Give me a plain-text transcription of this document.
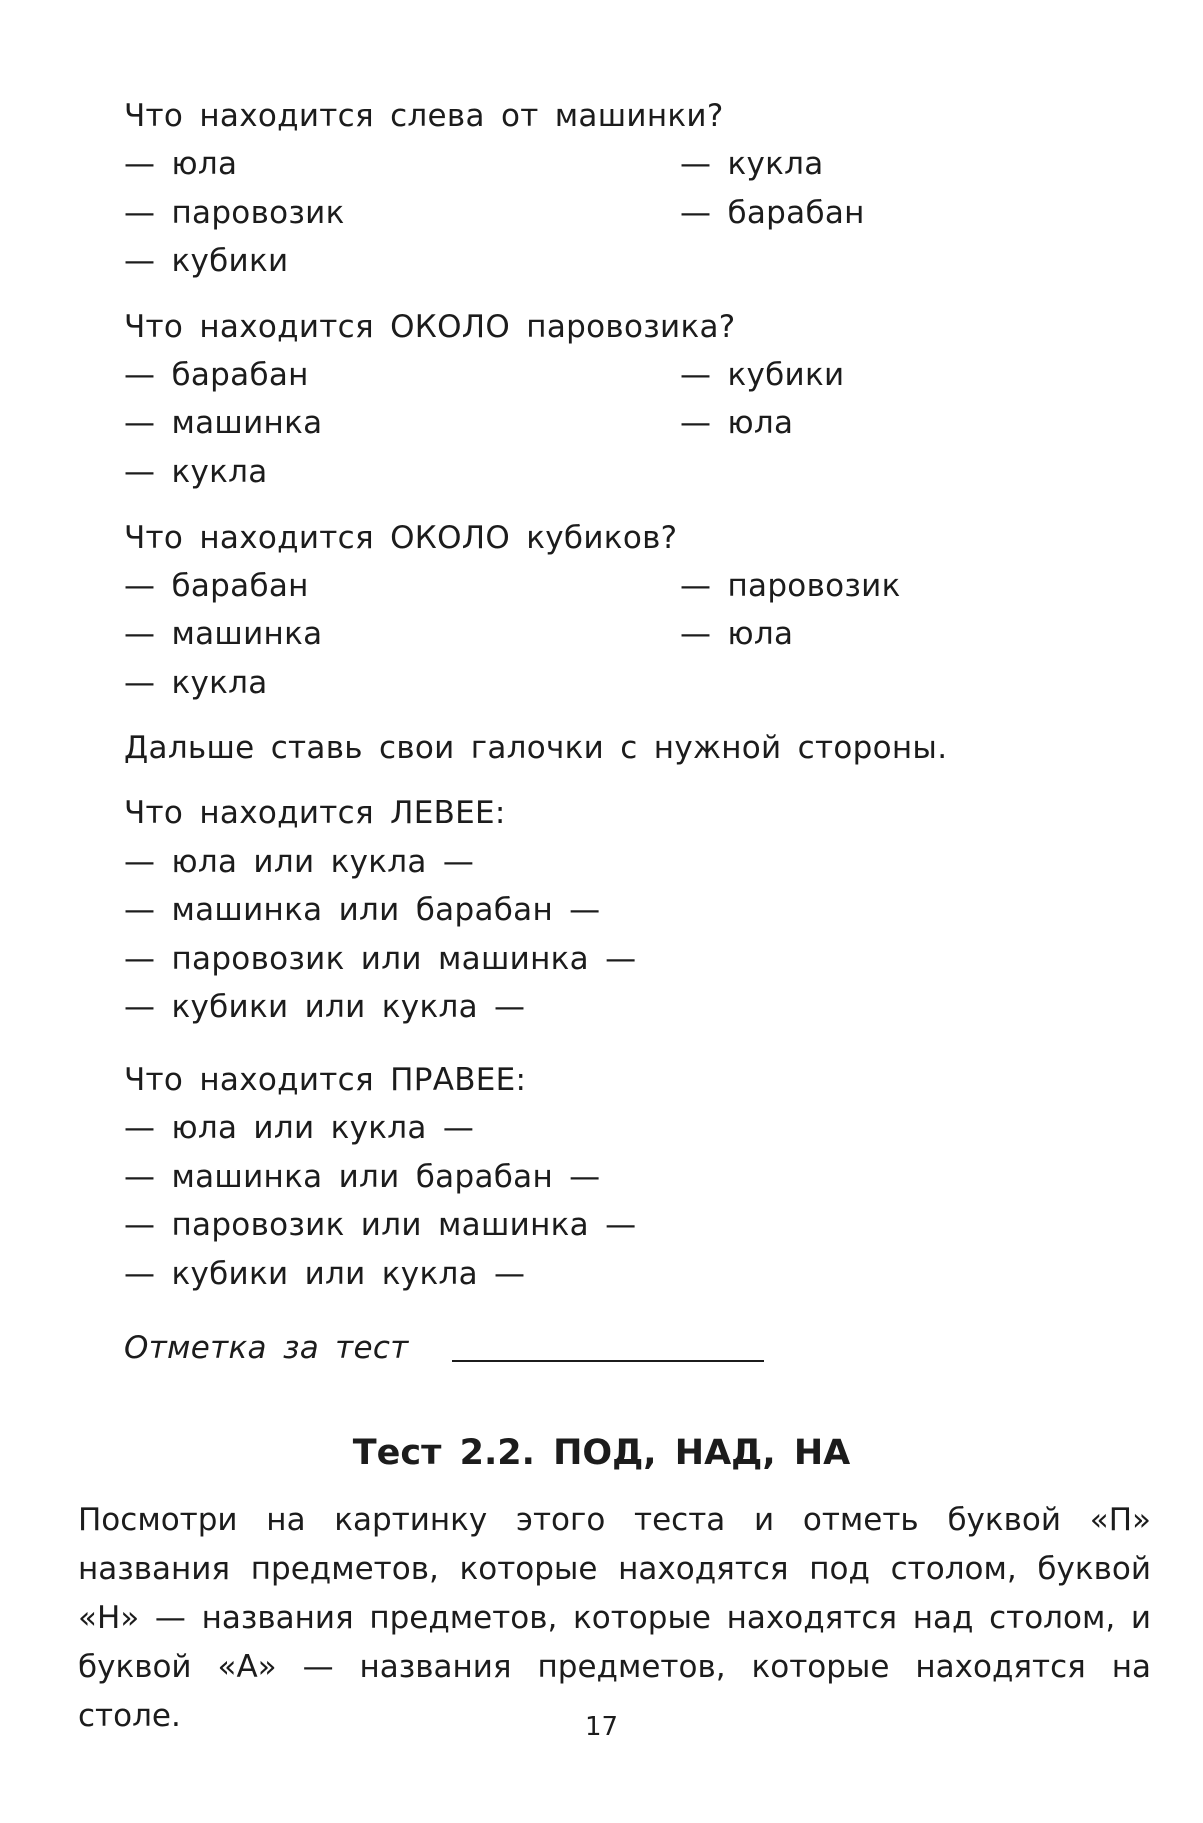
Что находится слева от машинки?
— юла
— паровозик
— кубики
— кукла
— барабан
Что находится ОКОЛО паровозика?
— барабан
— машинка
— кукла
— кубики
— юла
Что находится ОКОЛО кубиков?
— барабан
— машинка
— кукла
— паровозик
— юла
Дальше ставь свои галочки с нужной стороны.
Что находится ЛЕВЕЕ:
— юла или кукла —
— машинка или барабан —
— паровозик или машинка —
— кубики или кукла —
Что находится ПРАВЕЕ:
— юла или кукла —
— машинка или барабан —
— паровозик или машинка —
— кубики или кукла —
Отметка за тест
Тест 2.2. ПОД, НАД, НА
Посмотри на картинку этого теста и отметь буквой «П» названия предметов, которые находятся под столом, буквой «Н» — названия предметов, которые находятся над столом, и буквой «А» — названия предметов, которые находятся на столе.	17
